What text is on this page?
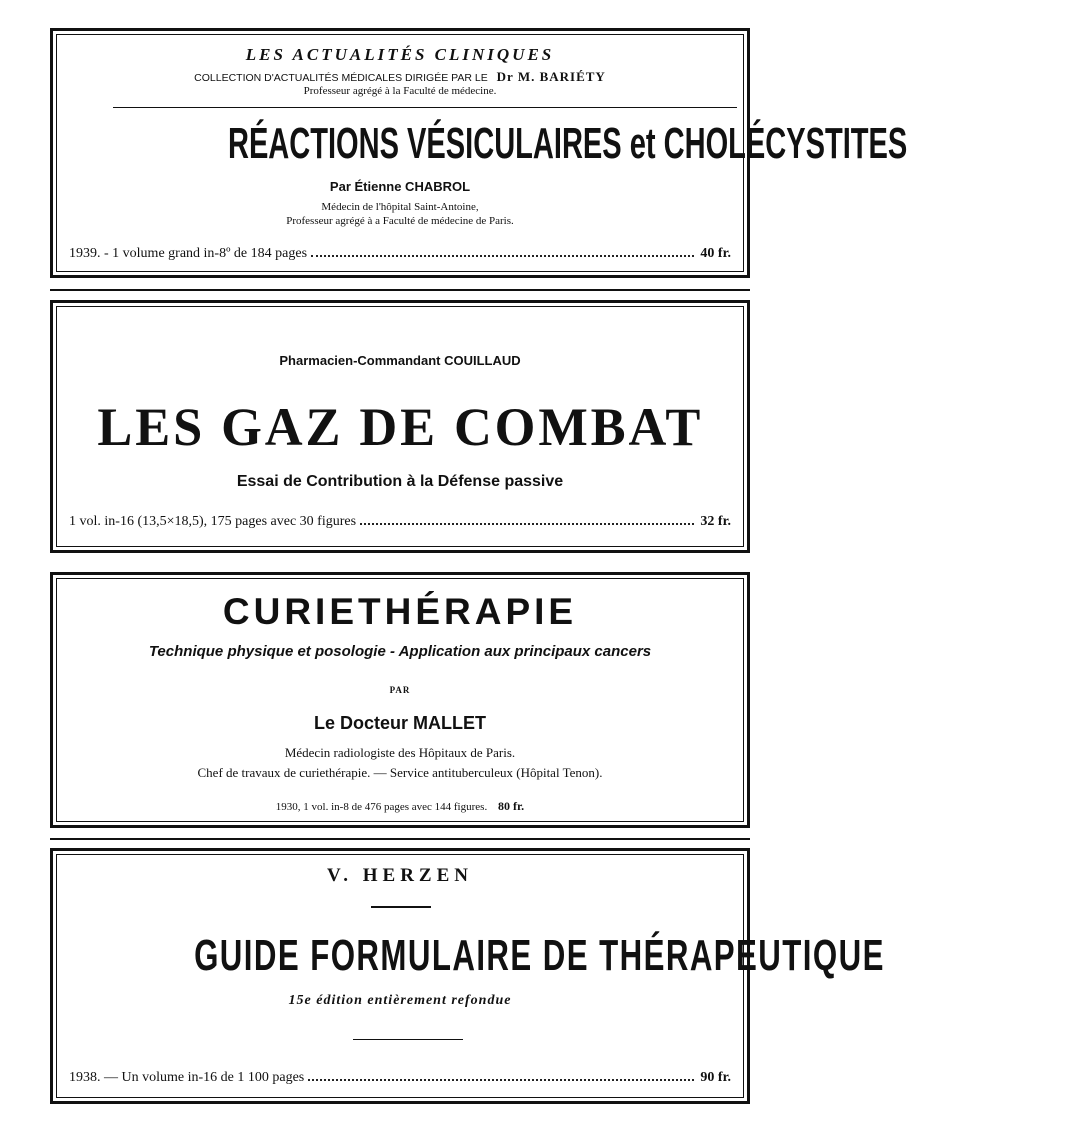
LES ACTUALITÉS CLINIQUES
COLLECTION D'ACTUALITÉS MÉDICALES DIRIGÉE PAR LE Dr M. BARIÉTY
Professeur agrégé à la Faculté de médecine.
RÉACTIONS VÉSICULAIRES et CHOLÉCYSTITES
Par Étienne CHABROL
Médecin de l'hôpital Saint-Antoine,
Professeur agrégé à a Faculté de médecine de Paris.
1939. - 1 volume grand in-8º de 184 pages	40 fr.
Pharmacien-Commandant COUILLAUD
LES GAZ DE COMBAT
Essai de Contribution à la Défense passive
1 vol. in-16 (13,5×18,5), 175 pages avec 30 figures	32 fr.
CURIETHÉRAPIE
Technique physique et posologie - Application aux principaux cancers
PAR
Le Docteur MALLET
Médecin radiologiste des Hôpitaux de Paris.
Chef de travaux de curiethérapie. — Service antituberculeux (Hôpital Tenon).
1930, 1 vol. in-8 de 476 pages avec 144 figures. 80 fr.
V. HERZEN
GUIDE FORMULAIRE DE THÉRAPEUTIQUE
15e édition entièrement refondue
1938. — Un volume in-16 de 1 100 pages	90 fr.
